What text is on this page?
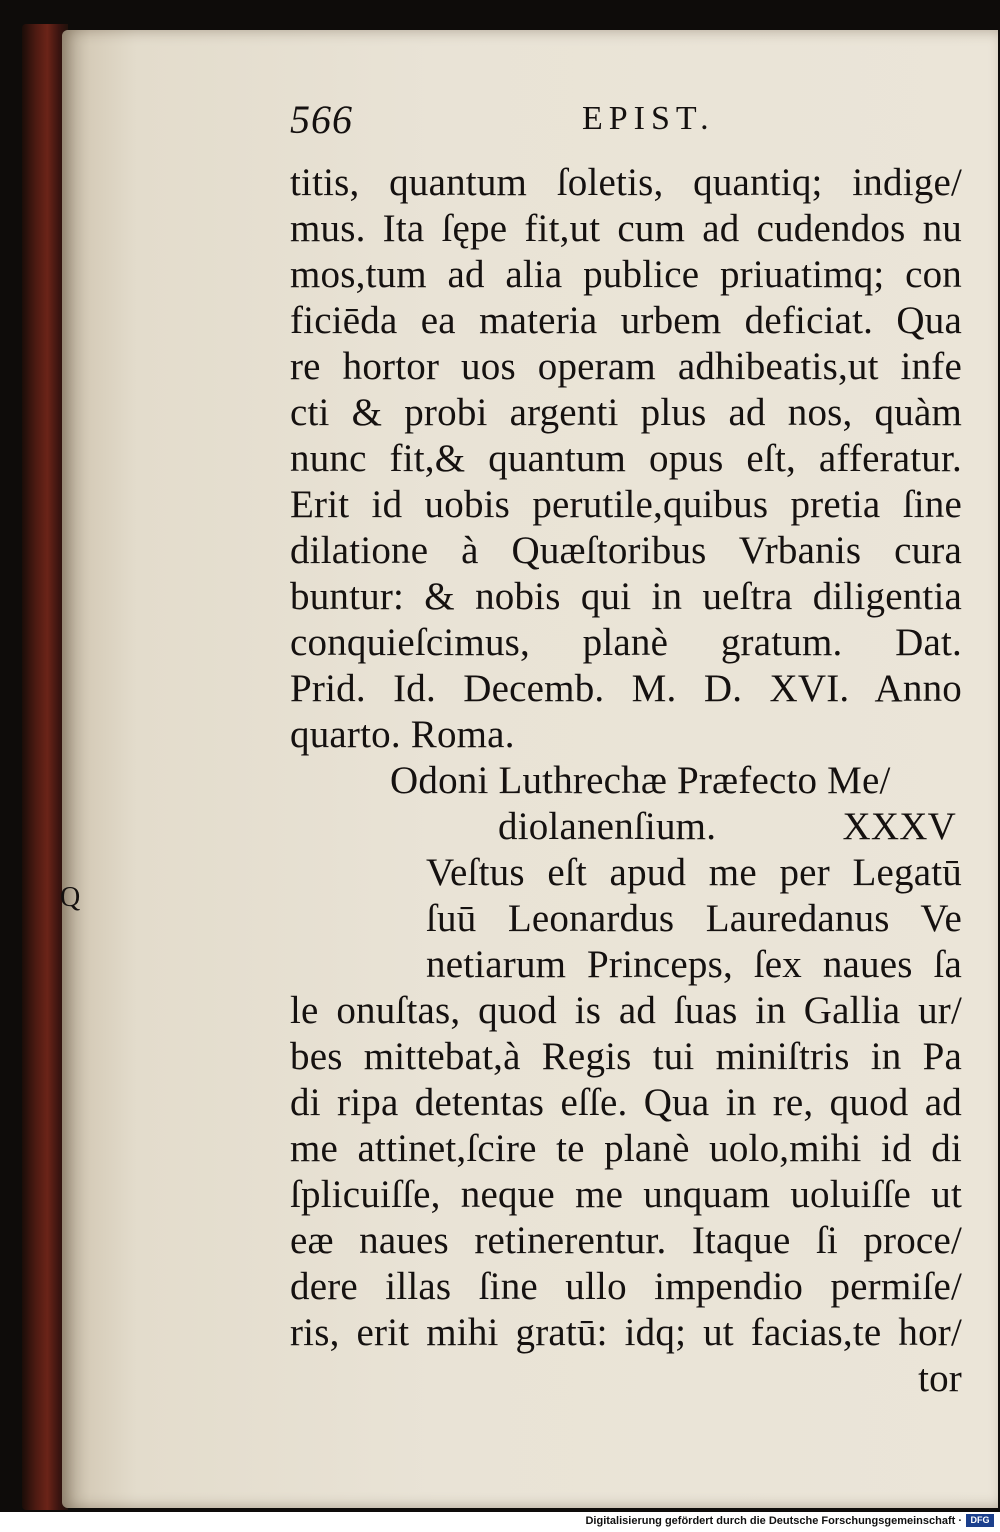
566	EPIST.
titis, quantum ſoletis, quantiq; indige/
mus. Ita ſępe fit,ut cum ad cudendos nu
mos,tum ad alia publice priuatimq; con
ficiēda ea materia urbem deficiat. Qua
re hortor uos operam adhibeatis,ut infe
cti & probi argenti plus ad nos, quàm
nunc fit,& quantum opus eſt, afferatur.
Erit id uobis perutile,quibus pretia ſine
dilatione à Quæſtoribus Vrbanis cura
buntur: & nobis qui in ueſtra diligentia
conquieſcimus, planè gratum. Dat.
Prid. Id. Decemb. M. D. XVI. Anno
quarto. Roma.
Odoni Luthrechæ Præfecto Me/
diolanenſium.	XXXV
Veſtus eſt apud me per Legatū
ſuū Leonardus Lauredanus Ve
netiarum Princeps, ſex naues ſa
le onuſtas, quod is ad ſuas in Gallia ur/
bes mittebat,à Regis tui miniſtris in Pa
di ripa detentas eſſe. Qua in re, quod ad
me attinet,ſcire te planè uolo,mihi id di
ſplicuiſſe, neque me unquam uoluiſſe ut
eæ naues retinerentur. Itaque ſi proce/
dere illas ſine ullo impendio permiſe/
ris, erit mihi gratū: idq; ut facias,te hor/
tor
Q
Digitalisierung gefördert durch die Deutsche Forschungsgemeinschaft · DFG
